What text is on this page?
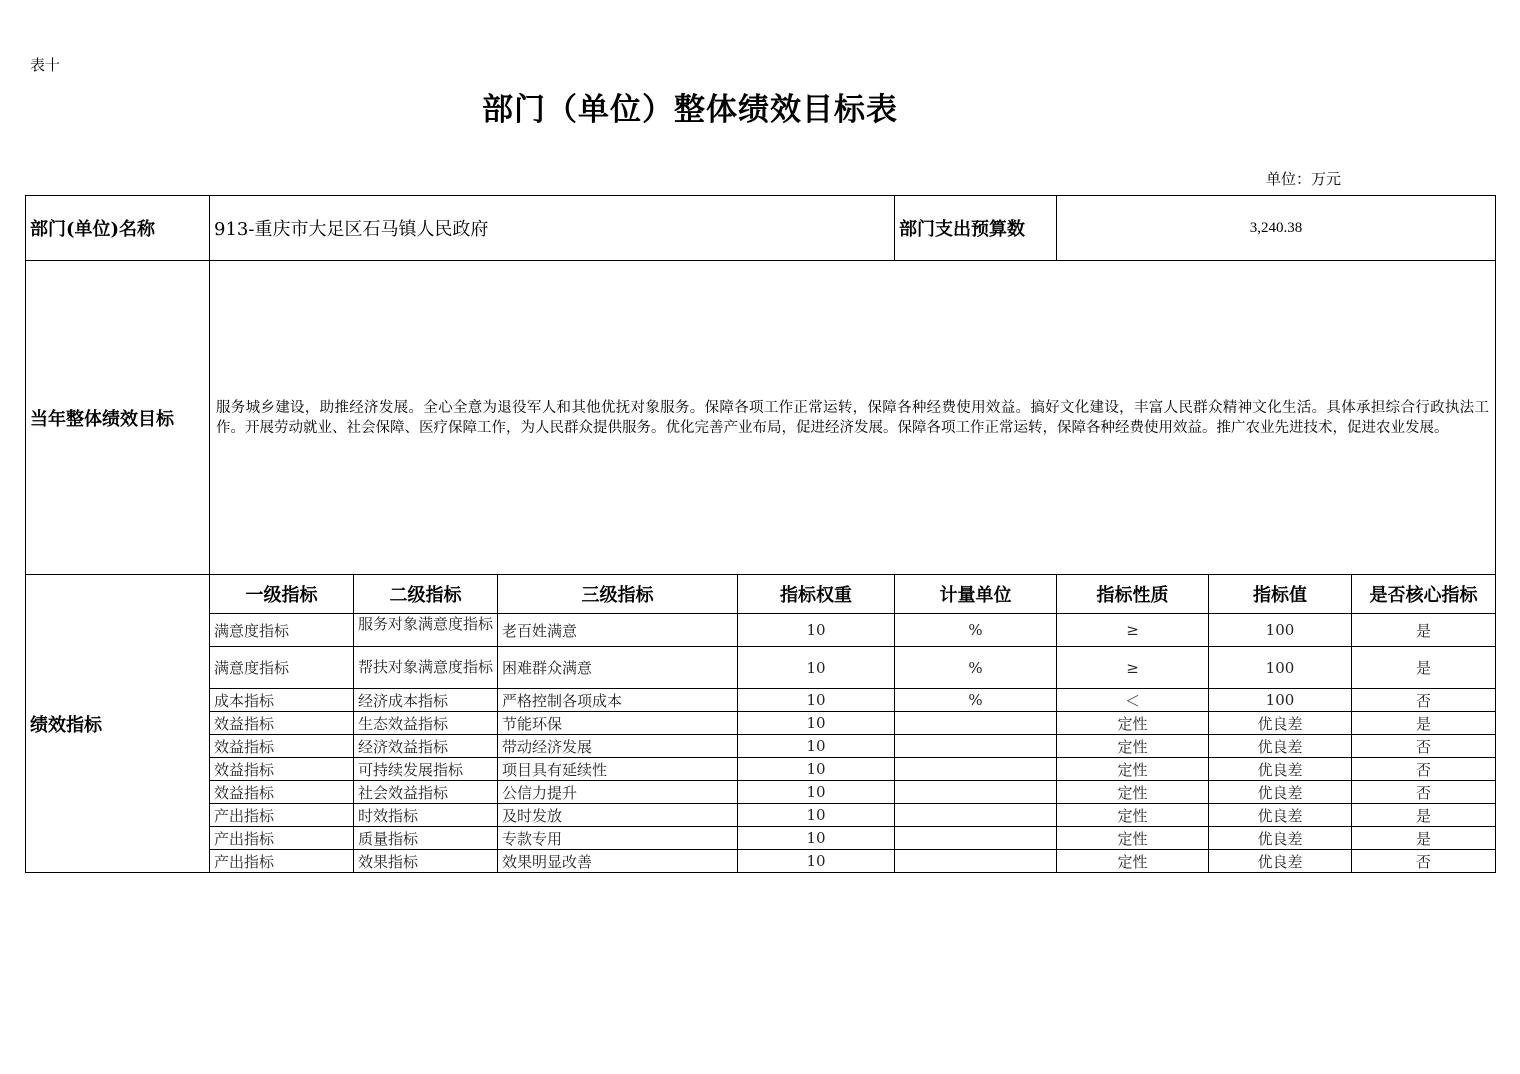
表十
部门（单位）整体绩效目标表
单位：万元
部门(单位)名称	913-重庆市大足区石马镇人民政府				部门支出预算数	3,240.38		
当年整体绩效目标	服务城乡建设，助推经济发展。全心全意为退役军人和其他优抚对象服务。保障各项工作正常运转，保障各种经费使用效益。搞好文化建设，丰富人民群众精神文化生活。具体承担综合行政执法工作。开展劳动就业、社会保障、医疗保障工作，为人民群众提供服务。优化完善产业布局，促进经济发展。保障各项工作正常运转，保障各种经费使用效益。推广农业先进技术，促进农业发展。							
绩效指标	一级指标	二级指标	三级指标	指标权重	计量单位	指标性质	指标值	是否核心指标
	满意度指标	服务对象满意度指标	老百姓满意	10	%	≥	100	是
	满意度指标	帮扶对象满意度指标	困难群众满意	10	%	≥	100	是
	成本指标	经济成本指标	严格控制各项成本	10	%	＜	100	否
	效益指标	生态效益指标	节能环保	10		定性	优良差	是
	效益指标	经济效益指标	带动经济发展	10		定性	优良差	否
	效益指标	可持续发展指标	项目具有延续性	10		定性	优良差	否
	效益指标	社会效益指标	公信力提升	10		定性	优良差	否
	产出指标	时效指标	及时发放	10		定性	优良差	是
	产出指标	质量指标	专款专用	10		定性	优良差	是
	产出指标	效果指标	效果明显改善	10		定性	优良差	否
